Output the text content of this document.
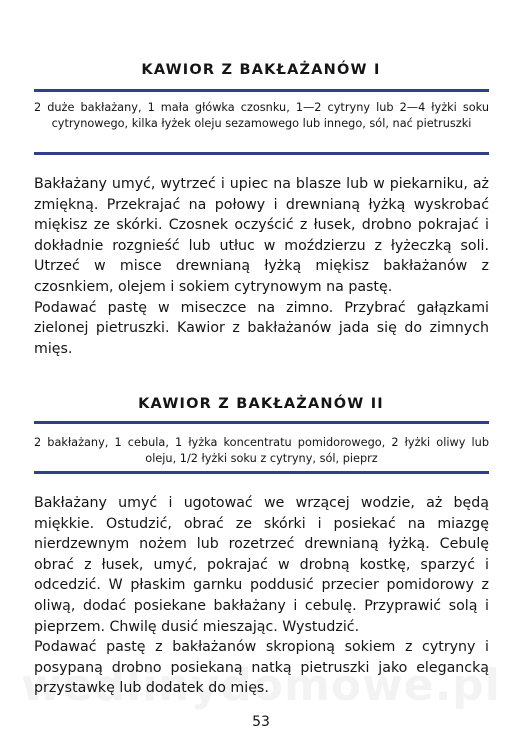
KAWIOR Z BAKŁAŻANÓW I

2 duże bakłażany, 1 mała główka czosnku, 1—2 cytryny lub 2—4 łyżki soku cytrynowego, kilka łyżek oleju sezamowego lub innego, sól, nać pietruszki

Bakłażany umyć, wytrzeć i upiec na blasze lub w piekarniku, aż zmiękną. Przekrajać na połowy i drewnianą łyżką wyskrobać miękisz ze skórki. Czosnek oczyścić z łusek, drobno pokrajać i dokładnie rozgnieść lub utłuc w moździerzu z łyżeczką soli. Utrzeć w misce drewnianą łyżką miękisz bakłażanów z czosnkiem, olejem i sokiem cytrynowym na pastę.

Podawać pastę w miseczce na zimno. Przybrać gałązkami zielonej pietruszki. Kawior z bakłażanów jada się do zimnych mięs.

KAWIOR Z BAKŁAŻANÓW II

2 bakłażany, 1 cebula, 1 łyżka koncentratu pomidorowego, 2 łyżki oliwy lub oleju, 1/2 łyżki soku z cytryny, sól, pieprz

Bakłażany umyć i ugotować we wrzącej wodzie, aż będą miękkie. Ostudzić, obrać ze skórki i posiekać na miazgę nierdzewnym nożem lub rozetrzeć drewnianą łyżką. Cebulę obrać z łusek, umyć, pokrajać w drobną kostkę, sparzyć i odcedzić. W płaskim garnku poddusić przecier pomidorowy z oliwą, dodać posiekane bakłażany i cebulę. Przyprawić solą i pieprzem. Chwilę dusić mieszając. Wystudzić.

Podawać pastę z bakłażanów skropioną sokiem z cytryny i posypaną drobno posiekaną natką pietruszki jako elegancką przystawkę lub dodatek do mięs.

53
